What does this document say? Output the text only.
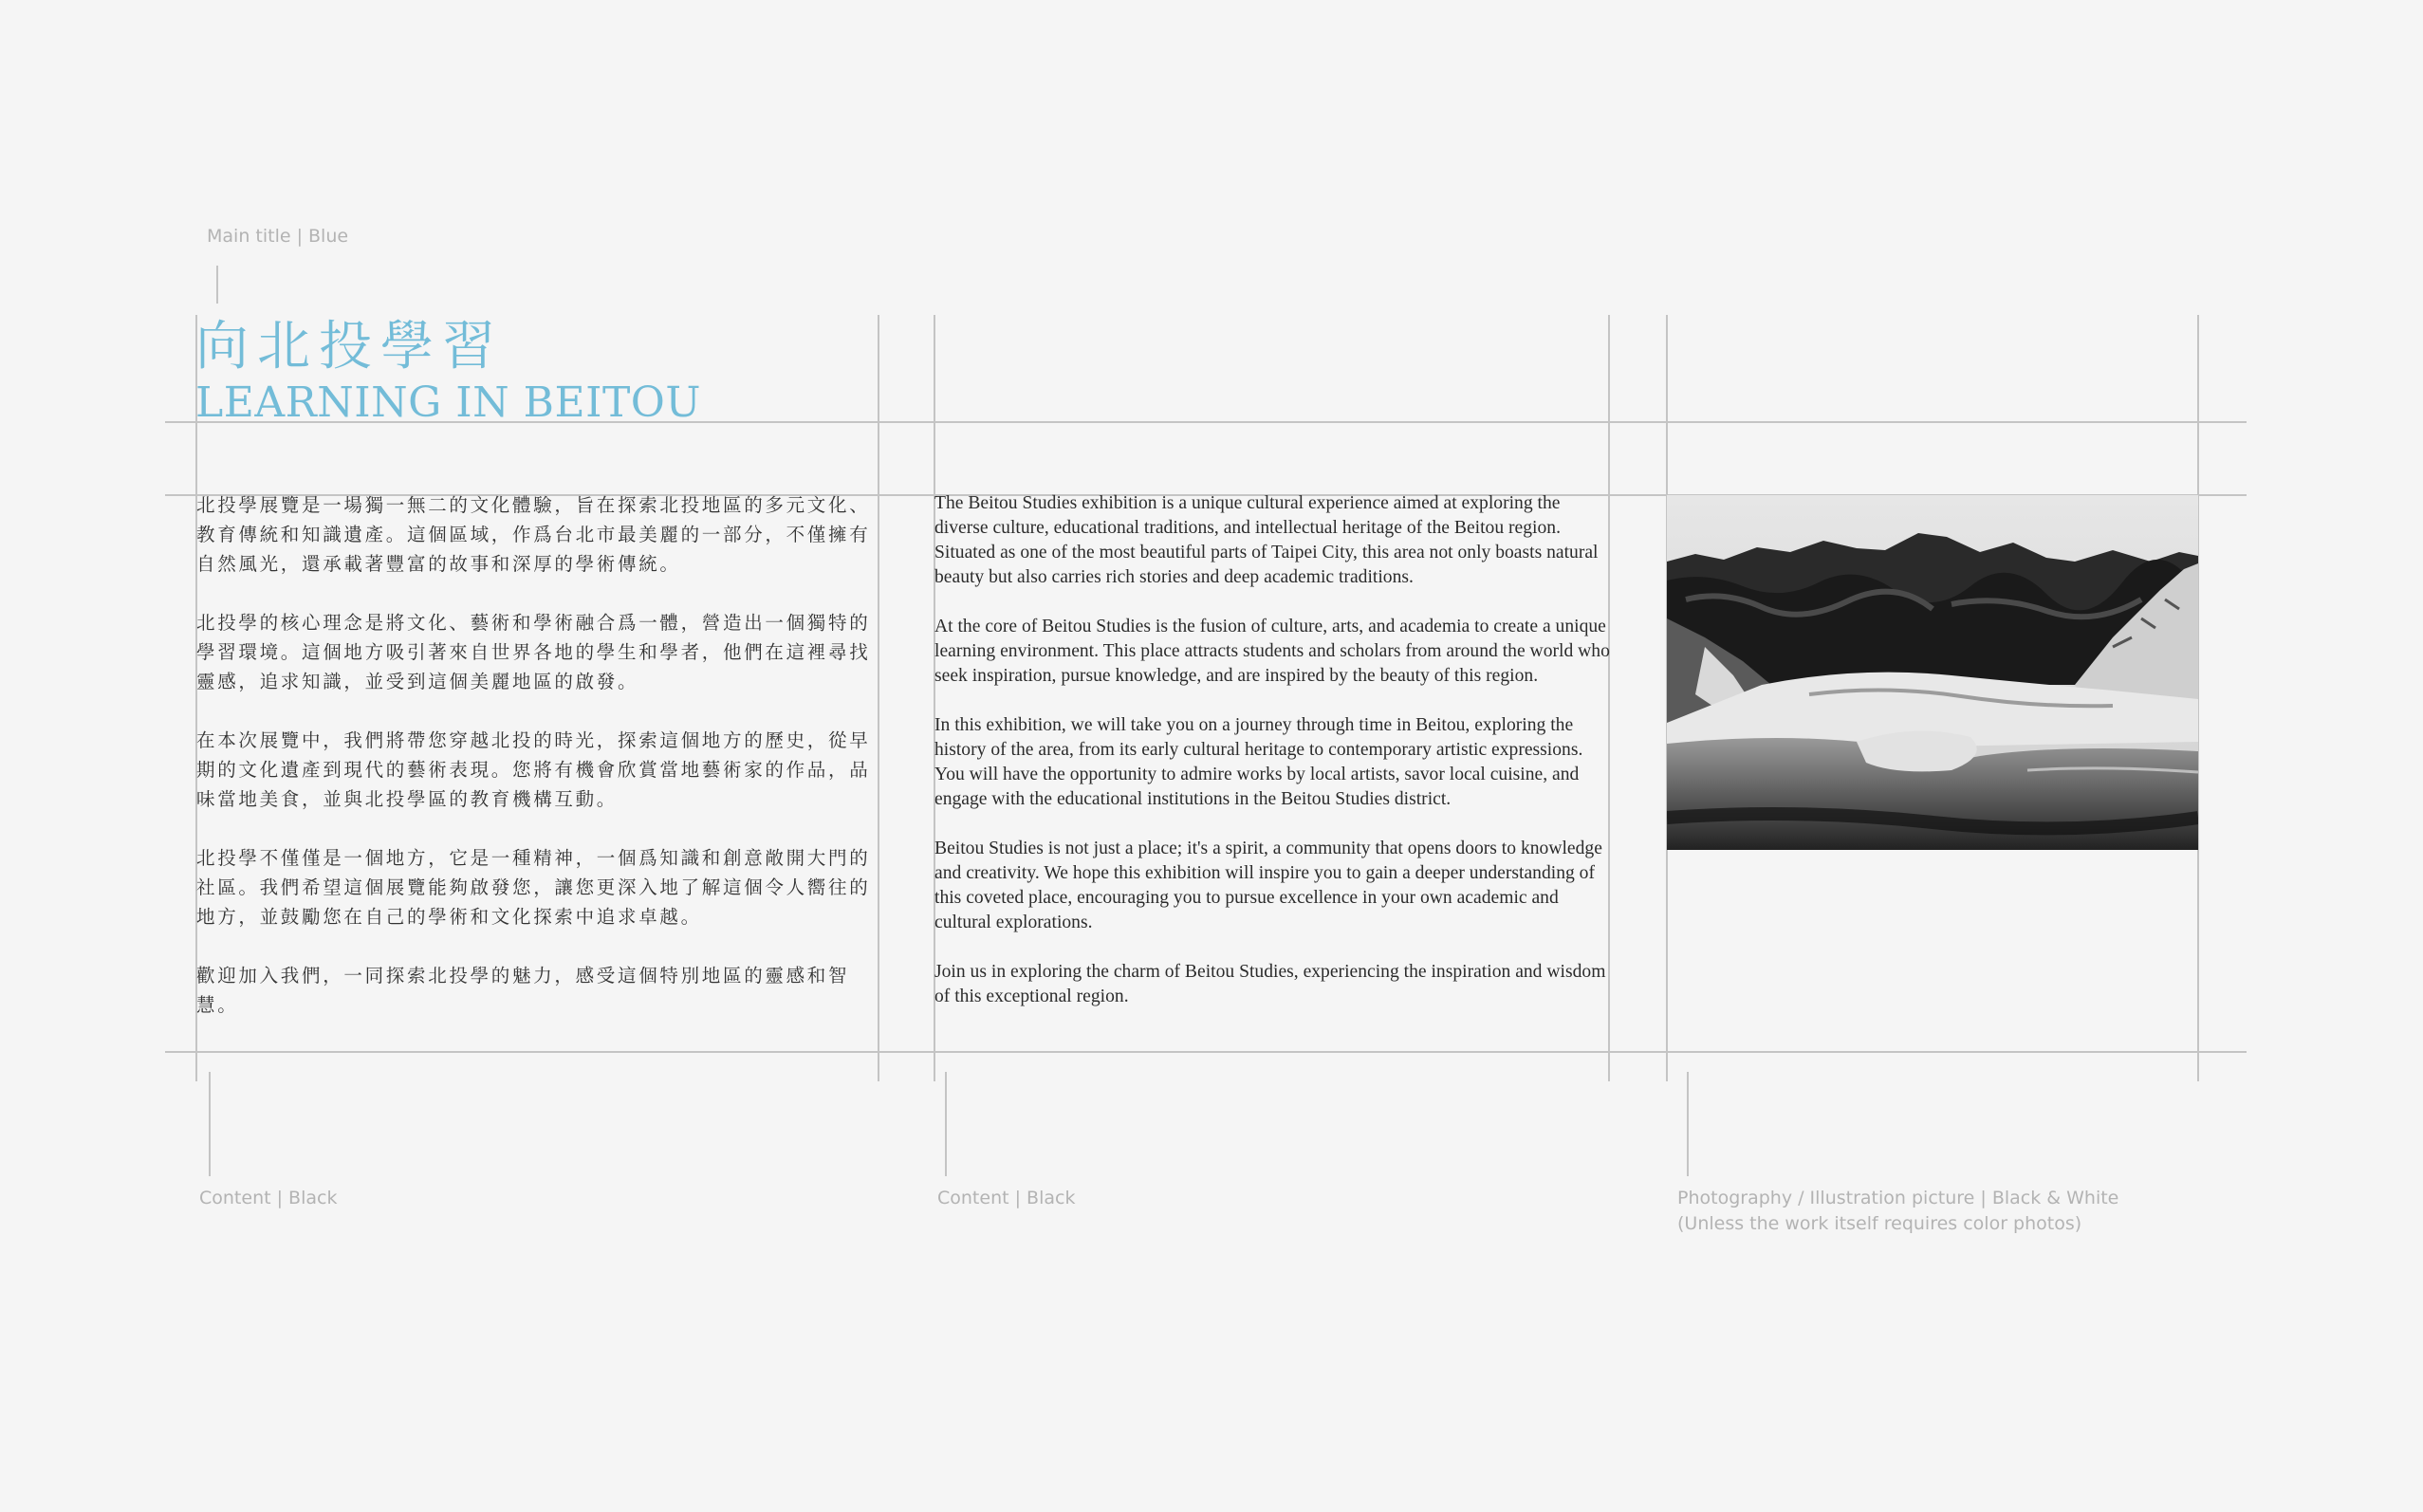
Main title | Blue
Content | Black	Content | Black	Photography / Illustration picture | Black & White
(Unless the work itself requires color photos)
向北投學習
LEARNING IN BEITOU

北投學展覽是一場獨一無二的文化體驗，旨在探索北投地區的多元文化、教育傳統和知識遺產。這個區域，作爲台北市最美麗的一部分，不僅擁有自然風光，還承載著豐富的故事和深厚的學術傳統。

北投學的核心理念是將文化、藝術和學術融合爲一體，營造出一個獨特的學習環境。這個地方吸引著來自世界各地的學生和學者，他們在這裡尋找靈感，追求知識，並受到這個美麗地區的啟發。

在本次展覽中，我們將帶您穿越北投的時光，探索這個地方的歷史，從早期的文化遺產到現代的藝術表現。您將有機會欣賞當地藝術家的作品，品味當地美食，並與北投學區的教育機構互動。

北投學不僅僅是一個地方，它是一種精神，一個爲知識和創意敞開大門的社區。我們希望這個展覽能夠啟發您，讓您更深入地了解這個令人嚮往的地方，並鼓勵您在自己的學術和文化探索中追求卓越。

歡迎加入我們，一同探索北投學的魅力，感受這個特別地區的靈感和智慧。

The Beitou Studies exhibition is a unique cultural experience aimed at exploring the diverse culture, educational traditions, and intellectual heritage of the Beitou region. Situated as one of the most beautiful parts of Taipei City, this area not only boasts natural beauty but also carries rich stories and deep academic traditions.

At the core of Beitou Studies is the fusion of culture, arts, and academia to create a unique learning environment. This place attracts students and scholars from around the world who seek inspiration, pursue knowledge, and are inspired by the beauty of this region.

In this exhibition, we will take you on a journey through time in Beitou, exploring the history of the area, from its early cultural heritage to contemporary artistic expressions. You will have the opportunity to admire works by local artists, savor local cuisine, and engage with the educational institutions in the Beitou Studies district.

Beitou Studies is not just a place; it's a spirit, a community that opens doors to knowledge and creativity. We hope this exhibition will inspire you to gain a deeper understanding of this coveted place, encouraging you to pursue excellence in your own academic and cultural explorations.

Join us in exploring the charm of Beitou Studies, experiencing the inspiration and wisdom of this exceptional region.
